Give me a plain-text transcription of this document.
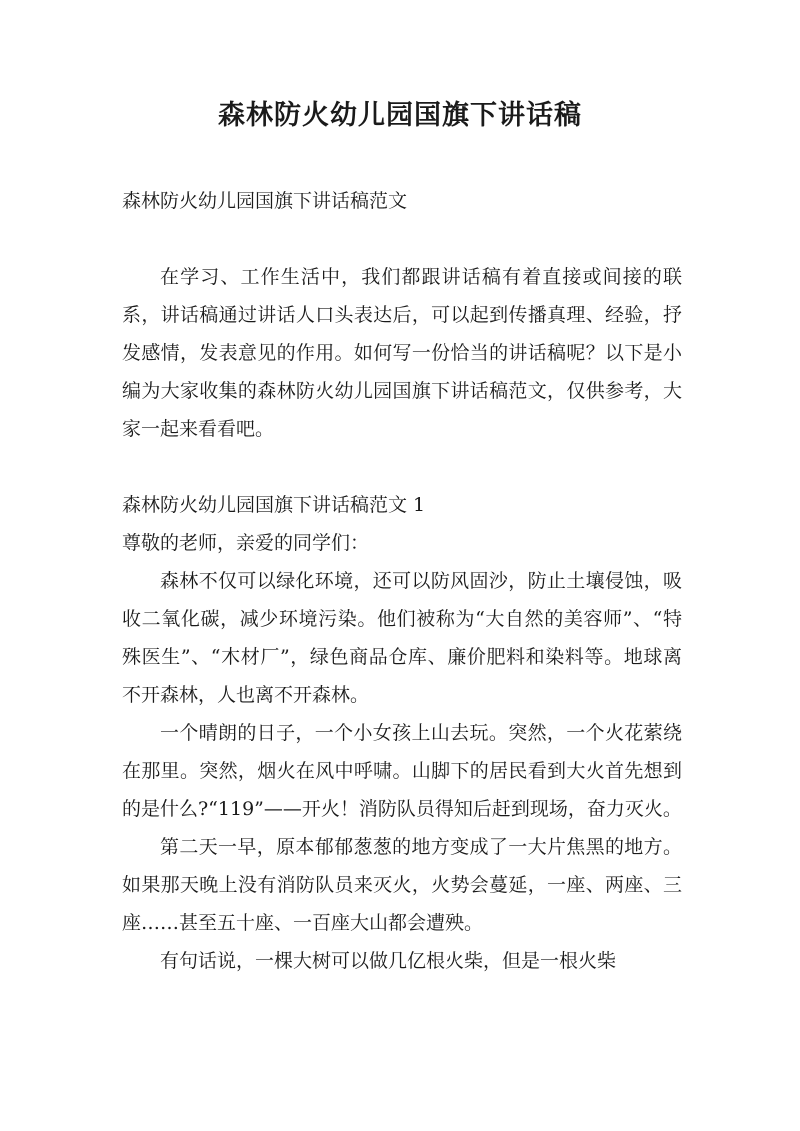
森林防火幼儿园国旗下讲话稿

森林防火幼儿园国旗下讲话稿范文

在学习、工作生活中，我们都跟讲话稿有着直接或间接的联系，讲话稿通过讲话人口头表达后，可以起到传播真理、经验，抒发感情，发表意见的作用。如何写一份恰当的讲话稿呢？以下是小编为大家收集的森林防火幼儿园国旗下讲话稿范文，仅供参考，大家一起来看看吧。

森林防火幼儿园国旗下讲话稿范文 1

尊敬的老师，亲爱的同学们：

森林不仅可以绿化环境，还可以防风固沙，防止土壤侵蚀，吸收二氧化碳，减少环境污染。他们被称为“大自然的美容师”、“特殊医生”、“木材厂”，绿色商品仓库、廉价肥料和染料等。地球离不开森林，人也离不开森林。

一个晴朗的日子，一个小女孩上山去玩。突然，一个火花萦绕在那里。突然，烟火在风中呼啸。山脚下的居民看到大火首先想到的是什么?“119”——开火！消防队员得知后赶到现场，奋力灭火。

第二天一早，原本郁郁葱葱的地方变成了一大片焦黑的地方。如果那天晚上没有消防队员来灭火，火势会蔓延，一座、两座、三座……甚至五十座、一百座大山都会遭殃。

有句话说，一棵大树可以做几亿根火柴，但是一根火柴
